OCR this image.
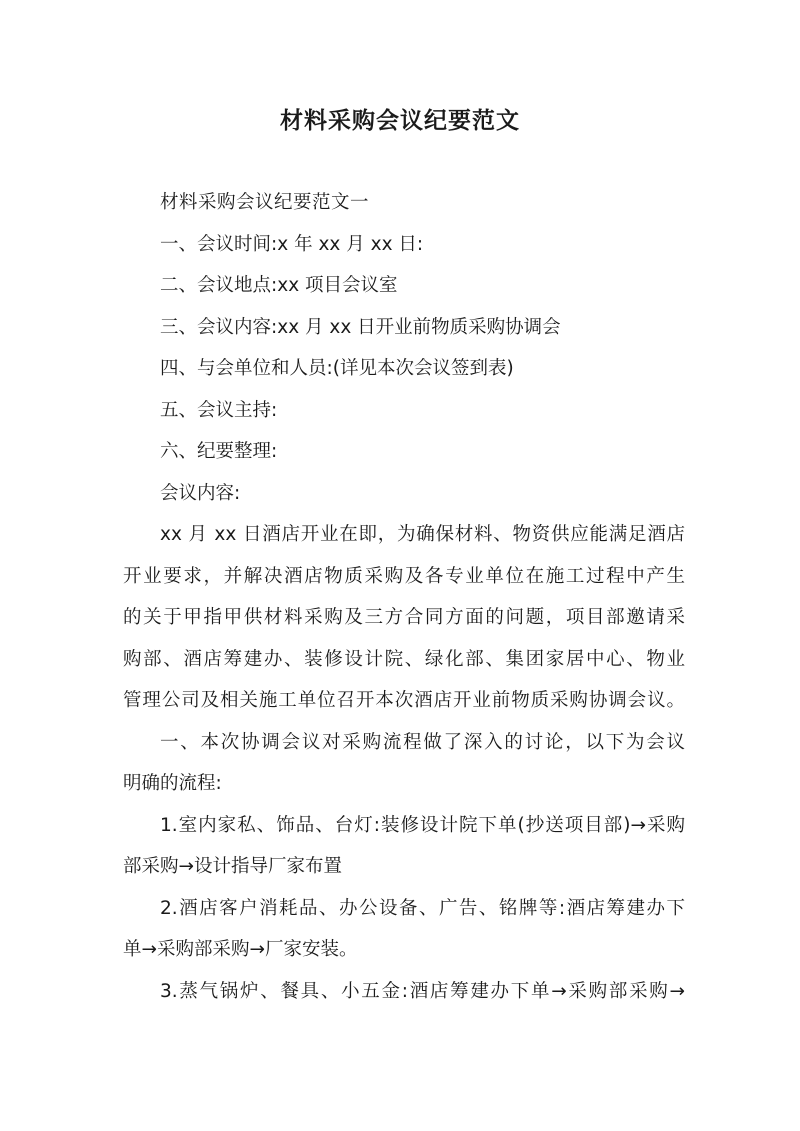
材料采购会议纪要范文

材料采购会议纪要范文一

一、会议时间:x 年 xx 月 xx 日:

二、会议地点:xx 项目会议室

三、会议内容:xx 月 xx 日开业前物质采购协调会

四、与会单位和人员:(详见本次会议签到表)

五、会议主持:

六、纪要整理:

会议内容:

xx 月 xx 日酒店开业在即，为确保材料、物资供应能满足酒店

开业要求，并解决酒店物质采购及各专业单位在施工过程中产生

的关于甲指甲供材料采购及三方合同方面的问题，项目部邀请采

购部、酒店筹建办、装修设计院、绿化部、集团家居中心、物业

管理公司及相关施工单位召开本次酒店开业前物质采购协调会议。

一、本次协调会议对采购流程做了深入的讨论，以下为会议

明确的流程:

1.室内家私、饰品、台灯:装修设计院下单(抄送项目部)→采购

部采购→设计指导厂家布置

2.酒店客户消耗品、办公设备、广告、铭牌等:酒店筹建办下

单→采购部采购→厂家安装。

3.蒸气锅炉、餐具、小五金:酒店筹建办下单→采购部采购→
